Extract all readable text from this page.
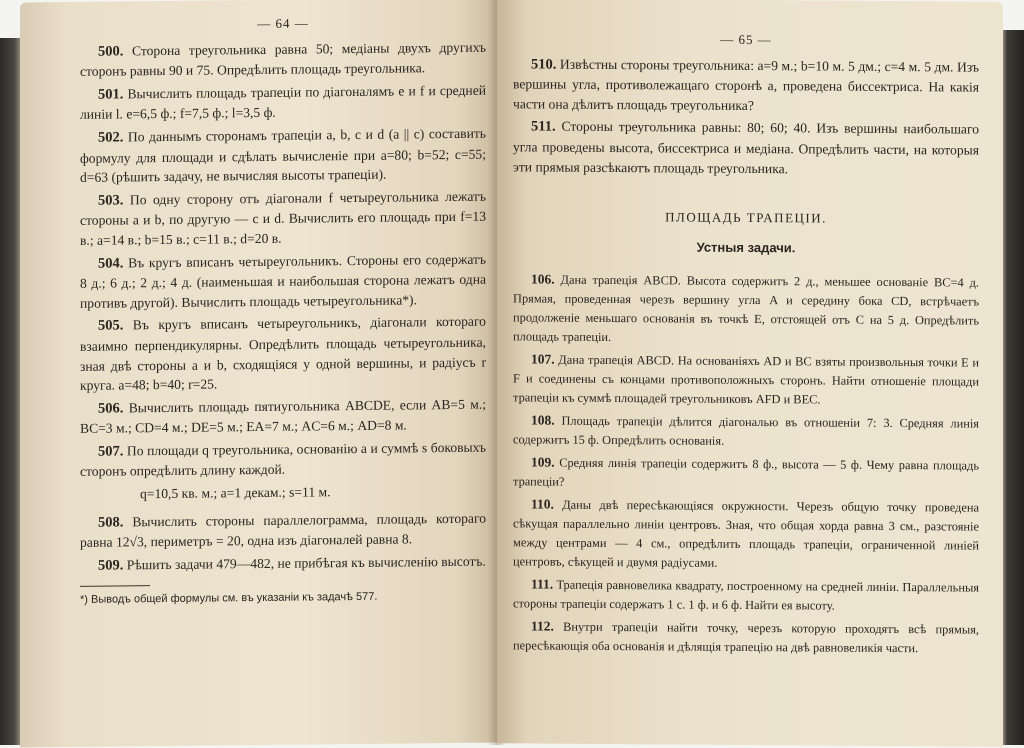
— 64 —

500. Сторона треугольника равна 50; медіаны двухъ другихъ сторонъ равны 90 и 75. Опредѣлить площадь треугольника.

501. Вычислить площадь трапеціи по діагоналямъ e и f и средней линіи l. e=6,5 ф.; f=7,5 ф.; l=3,5 ф.

502. По даннымъ сторонамъ трапеціи a, b, c и d (a || c) составить формулу для площади и сдѣлать вычисленіе при a=80; b=52; c=55; d=63 (рѣшить задачу, не вычисляя высоты трапеціи).

503. По одну сторону отъ діагонали f четыреугольника лежатъ стороны a и b, по другую — c и d. Вычислить его площадь при f=13 в.; a=14 в.; b=15 в.; c=11 в.; d=20 в.

504. Въ кругъ вписанъ четыреугольникъ. Стороны его содержатъ 8 д.; 6 д.; 2 д.; 4 д. (наименьшая и наибольшая сторона лежатъ одна противъ другой). Вычислить площадь четыреугольника*).

505. Въ кругъ вписанъ четыреугольникъ, діагонали котораго взаимно перпендикулярны. Опредѣлить площадь четыреугольника, зная двѣ стороны a и b, сходящіяся у одной вершины, и радіусъ r круга. a=48; b=40; r=25.

506. Вычислить площадь пятиугольника ABCDE, если AB=5 м.; BC=3 м.; CD=4 м.; DE=5 м.; EA=7 м.; AC=6 м.; AD=8 м.

507. По площади q треугольника, основанію a и суммѣ s боковыхъ сторонъ опредѣлить длину каждой.

q=10,5 кв. м.; a=1 декам.; s=11 м.

508. Вычислить стороны параллелограмма, площадь котораго равна 12√3, периметръ = 20, одна изъ діагоналей равна 8.

509. Рѣшить задачи 479—482, не прибѣгая къ вычисленію высотъ.

*) Выводъ общей формулы см. въ указаніи къ задачѣ 577.
— 65 —

510. Извѣстны стороны треугольника: a=9 м.; b=10 м. 5 дм.; c=4 м. 5 дм. Изъ вершины угла, противолежащаго сторонѣ a, проведена биссектриса. На какія части она дѣлитъ площадь треугольника?

511. Стороны треугольника равны: 80; 60; 40. Изъ вершины наибольшаго угла проведены высота, биссектриса и медіана. Опредѣлить части, на которыя эти прямыя разсѣкаютъ площадь треугольника.

ПЛОЩАДЬ ТРАПЕЦІИ.
Устныя задачи.

106. Дана трапеція ABCD. Высота содержитъ 2 д., меньшее основаніе BC=4 д. Прямая, проведенная черезъ вершину угла A и середину бока CD, встрѣчаетъ продолженіе меньшаго основанія въ точкѣ E, отстоящей отъ C на 5 д. Опредѣлить площадь трапеціи.

107. Дана трапеція ABCD. На основаніяхъ AD и BC взяты произвольныя точки E и F и соединены съ концами противоположныхъ сторонъ. Найти отношеніе площади трапеціи къ суммѣ площадей треугольниковъ AFD и BEC.

108. Площадь трапеціи дѣлится діагональю въ отношеніи 7: 3. Средняя линія содержитъ 15 ф. Опредѣлить основанія.

109. Средняя линія трапеціи содержитъ 8 ф., высота — 5 ф. Чему равна площадь трапеціи?

110. Даны двѣ пересѣкающіяся окружности. Черезъ общую точку проведена сѣкущая параллельно линіи центровъ. Зная, что общая хорда равна 3 см., разстояніе между центрами — 4 см., опредѣлить площадь трапеціи, ограниченной линіей центровъ, сѣкущей и двумя радіусами.

111. Трапеція равновелика квадрату, построенному на средней линіи. Параллельныя стороны трапеціи содержатъ 1 с. 1 ф. и 6 ф. Найти ея высоту.

112. Внутри трапеціи найти точку, черезъ которую проходятъ всѣ прямыя, пересѣкающія оба основанія и дѣлящія трапецію на двѣ равновеликія части.
